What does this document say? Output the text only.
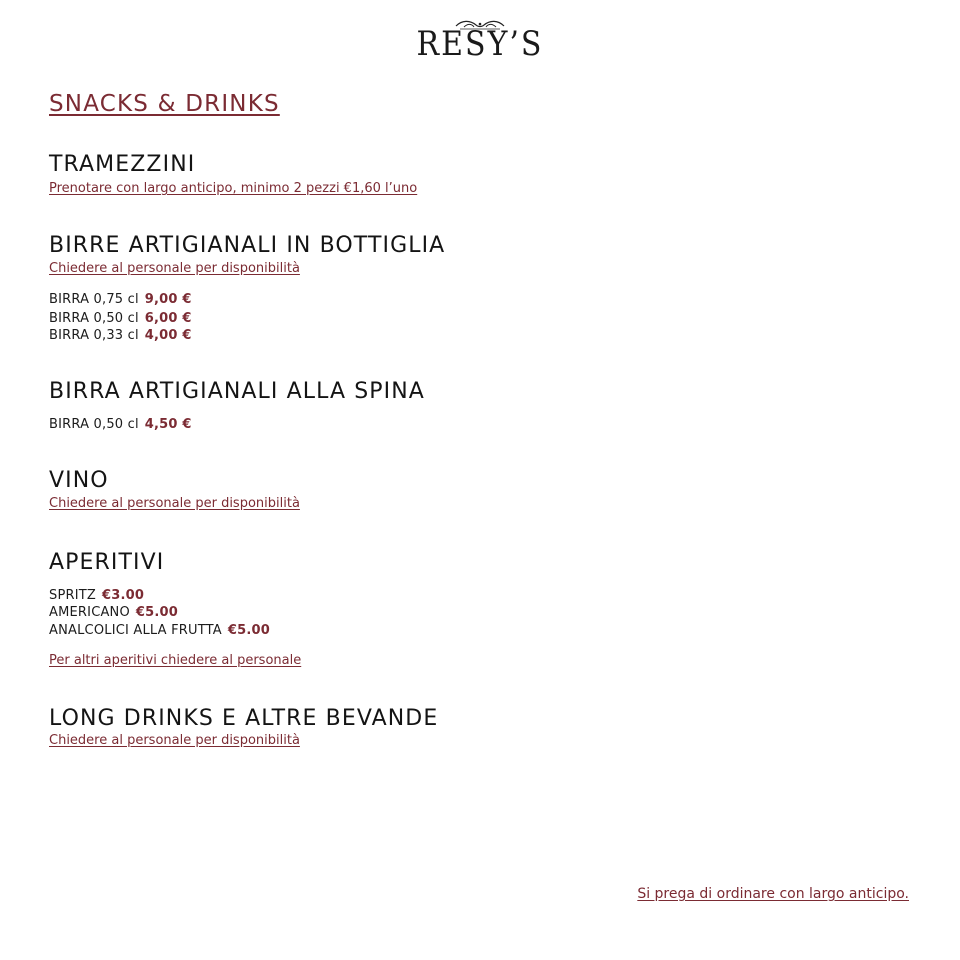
RESY’S
SNACKS & DRINKS
TRAMEZZINI
Prenotare con largo anticipo, minimo 2 pezzi €1,60 l’uno
BIRRE ARTIGIANALI IN BOTTIGLIA
Chiedere al personale per disponibilità
BIRRA 0,75 cl 9,00 €
BIRRA 0,50 cl 6,00 €
BIRRA 0,33 cl 4,00 €
BIRRA ARTIGIANALI ALLA SPINA
BIRRA 0,50 cl 4,50 €
VINO
Chiedere al personale per disponibilità
APERITIVI
SPRITZ €3.00
AMERICANO €5.00
ANALCOLICI ALLA FRUTTA €5.00
Per altri aperitivi chiedere al personale
LONG DRINKS E ALTRE BEVANDE
Chiedere al personale per disponibilità
Si prega di ordinare con largo anticipo.
